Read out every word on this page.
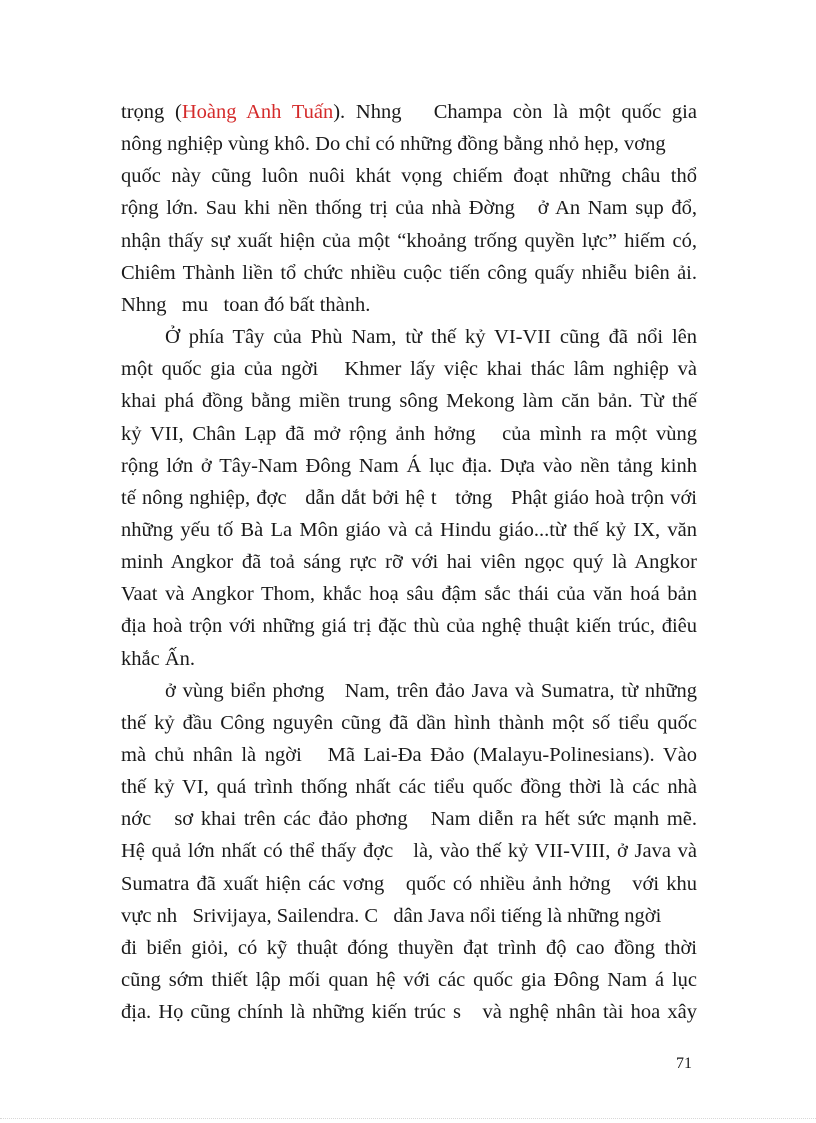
trọng (Hoàng Anh Tuấn). Nhng   Champa còn là một quốc gia
nông nghiệp vùng khô. Do chỉ có những đồng bằng nhỏ hẹp, vơng
quốc này cũng luôn nuôi khát vọng chiếm đoạt những châu thổ
rộng lớn. Sau khi nền thống trị của nhà Đờng   ở An Nam sụp đổ,
nhận thấy sự xuất hiện của một “khoảng trống quyền lực” hiếm có,
Chiêm Thành liền tổ chức nhiều cuộc tiến công quấy nhiễu biên ải.
Nhng   mu   toan đó bất thành.
Ở phía Tây của Phù Nam, từ thế kỷ VI-VII cũng đã nổi lên
một quốc gia của ngời   Khmer lấy việc khai thác lâm nghiệp và
khai phá đồng bằng miền trung sông Mekong làm căn bản. Từ thế
kỷ VII, Chân Lạp đã mở rộng ảnh hởng   của mình ra một vùng
rộng lớn ở Tây-Nam Đông Nam Á lục địa. Dựa vào nền tảng kinh
tế nông nghiệp, đợc   dẫn dắt bởi hệ t   tởng   Phật giáo hoà trộn với
những yếu tố Bà La Môn giáo và cả Hindu giáo...từ thế kỷ IX, văn
minh Angkor đã toả sáng rực rỡ với hai viên ngọc quý là Angkor
Vaat và Angkor Thom, khắc hoạ sâu đậm sắc thái của văn hoá bản
địa hoà trộn với những giá trị đặc thù của nghệ thuật kiến trúc, điêu
khắc Ấn.
ở vùng biển phơng   Nam, trên đảo Java và Sumatra, từ những
thế kỷ đầu Công nguyên cũng đã dần hình thành một số tiểu quốc
mà chủ nhân là ngời   Mã Lai-Đa Đảo (Malayu-Polinesians). Vào
thế kỷ VI, quá trình thống nhất các tiểu quốc đồng thời là các nhà
nớc   sơ khai trên các đảo phơng   Nam diễn ra hết sức mạnh mẽ.
Hệ quả lớn nhất có thể thấy đợc   là, vào thế kỷ VII-VIII, ở Java và
Sumatra đã xuất hiện các vơng   quốc có nhiều ảnh hởng   với khu
vực nh   Srivijaya, Sailendra. C   dân Java nổi tiếng là những ngời
đi biển giỏi, có kỹ thuật đóng thuyền đạt trình độ cao đồng thời
cũng sớm thiết lập mối quan hệ với các quốc gia Đông Nam á lục
địa. Họ cũng chính là những kiến trúc s   và nghệ nhân tài hoa xây
71
